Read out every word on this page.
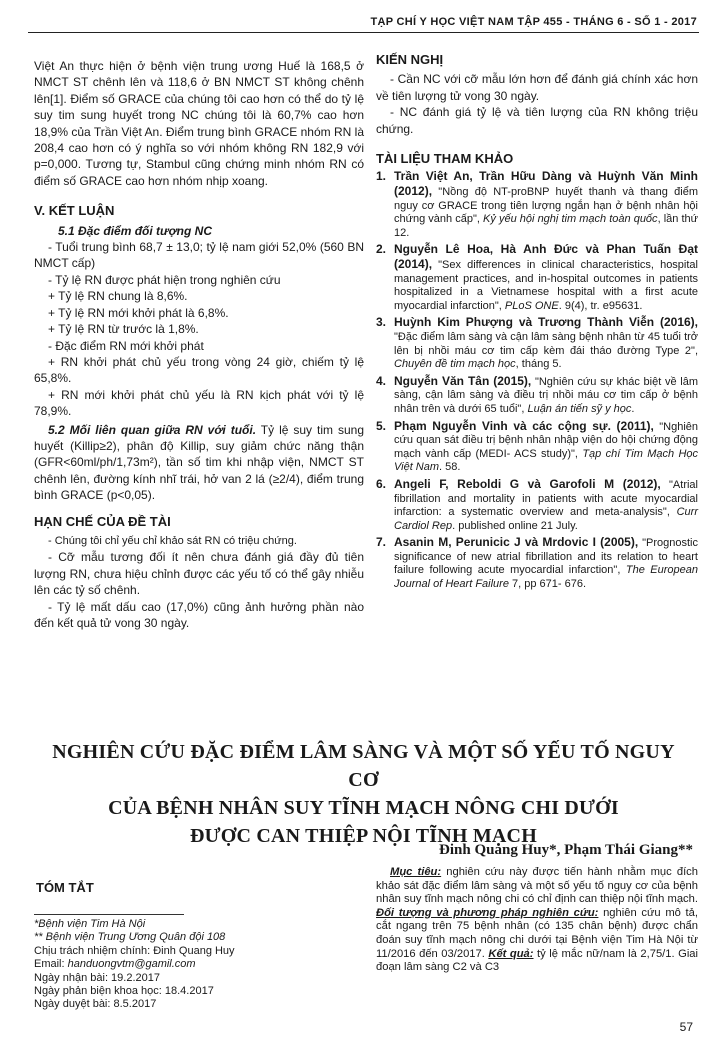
TẠP CHÍ Y HỌC VIỆT NAM TẬP 455 - THÁNG 6 - SỐ 1 - 2017

Việt An thực hiện ở bệnh viện trung ương Huế là 168,5 ở NMCT ST chênh lên và 118,6 ở BN NMCT ST không chênh lên[1]. Điểm số GRACE của chúng tôi cao hơn có thể do tỷ lệ suy tim sung huyết trong NC chúng tôi là 60,7% cao hơn 18,9% của Trần Việt An. Điểm trung bình GRACE nhóm RN là 208,4 cao hơn có ý nghĩa so với nhóm không RN 182,9 với p=0,000. Tương tự, Stambul cũng chứng minh nhóm RN có điểm số GRACE cao hơn nhóm nhịp xoang.

V. KẾT LUẬN
5.1 Đặc điểm đối tượng NC

- Tuổi trung bình 68,7 ± 13,0; tỷ lệ nam giới 52,0% (560 BN NMCT cấp)

- Tỷ lệ RN được phát hiện trong nghiên cứu

+ Tỷ lệ RN chung là 8,6%.

+ Tỷ lệ RN mới khởi phát là 6,8%.

+ Tỷ lệ RN từ trước là 1,8%.

- Đặc điểm RN mới khởi phát

+ RN khởi phát chủ yếu trong vòng 24 giờ, chiếm tỷ lệ 65,8%.

+ RN mới khởi phát chủ yếu là RN kịch phát với tỷ lệ 78,9%.

5.2 Mối liên quan giữa RN với tuổi. Tỷ lệ suy tim sung huyết (Killip≥2), phân độ Killip, suy giảm chức năng thận (GFR<60ml/ph/1,73m²), tần số tim khi nhập viện, NMCT ST chênh lên, đường kính nhĩ trái, hở van 2 lá (≥2/4), điểm trung bình GRACE (p<0,05).

HẠN CHẾ CỦA ĐỀ TÀI

- Chúng tôi chỉ yếu chỉ khảo sát RN có triệu chứng.

- Cỡ mẫu tương đối ít nên chưa đánh giá đầy đủ tiên lượng RN, chưa hiệu chỉnh được các yếu tố có thể gây nhiễu lên các tỷ số chênh.

- Tỷ lệ mất dấu cao (17,0%) cũng ảnh hưởng phần nào đến kết quả tử vong 30 ngày.

KIẾN NGHỊ

- Cần NC với cỡ mẫu lớn hơn để đánh giá chính xác hơn về tiên lượng tử vong 30 ngày.

- NC đánh giá tỷ lệ và tiên lượng của RN không triệu chứng.

TÀI LIỆU THAM KHẢO
1. Trần Việt An, Trần Hữu Dàng và Huỳnh Văn Minh (2012), "Nồng độ NT-proBNP huyết thanh và thang điểm nguy cơ GRACE trong tiên lượng ngắn hạn ở bệnh nhân hội chứng vành cấp", Kỷ yếu hội nghị tim mạch toàn quốc, lần thứ 12.
2. Nguyễn Lê Hoa, Hà Anh Đức và Phan Tuấn Đạt (2014), "Sex differences in clinical characteristics, hospital management practices, and in-hospital outcomes in patients hospitalized in a Vietnamese hospital with a first acute myocardial infarction", PLoS ONE. 9(4), tr. e95631.
3. Huỳnh Kim Phượng và Trương Thành Viễn (2016), "Đặc điểm lâm sàng và cận lâm sàng bệnh nhân từ 45 tuổi trở lên bị nhồi máu cơ tim cấp kèm đái tháo đường Type 2", Chuyên đề tim mạch học, tháng 5.
4. Nguyễn Văn Tân (2015), "Nghiên cứu sự khác biệt về lâm sàng, cận lâm sàng và điều trị nhồi máu cơ tim cấp ở bệnh nhân trên và dưới 65 tuổi", Luận án tiến sỹ y học.
5. Phạm Nguyễn Vinh và các cộng sự. (2011), "Nghiên cứu quan sát điều trị bệnh nhân nhập viện do hội chứng động mạch vành cấp (MEDI- ACS study)", Tạp chí Tim Mạch Học Việt Nam. 58.
6. Angeli F, Reboldi G và Garofoli M (2012), "Atrial fibrillation and mortality in patients with acute myocardial infarction: a systematic overview and meta-analysis", Curr Cardiol Rep. published online 21 July.
7. Asanin M, Perunicic J và Mrdovic I (2005), "Prognostic significance of new atrial fibrillation and its relation to heart failure following acute myocardial infarction", The European Journal of Heart Failure 7, pp 671- 676.
NGHIÊN CỨU ĐẶC ĐIỂM LÂM SÀNG VÀ MỘT SỐ YẾU TỐ NGUY CƠ
CỦA BỆNH NHÂN SUY TĨNH MẠCH NÔNG CHI DƯỚI
ĐƯỢC CAN THIỆP NỘI TĨNH MẠCH
Đinh Quang Huy*, Phạm Thái Giang**
TÓM TẮT
*Bệnh viện Tim Hà Nội
** Bệnh viện Trung Ương Quân đội 108
Chịu trách nhiệm chính: Đinh Quang Huy
Email: handuongvtm@gamil.com
Ngày nhận bài: 19.2.2017
Ngày phản biện khoa học: 18.4.2017
Ngày duyệt bài: 8.5.2017

Mục tiêu: nghiên cứu này được tiến hành nhằm mục đích khảo sát đặc điểm lâm sàng và một số yếu tố nguy cơ của bệnh nhân suy tĩnh mạch nông chi có chỉ định can thiệp nội tĩnh mạch. Đối tượng và phương pháp nghiên cứu: nghiên cứu mô tả, cắt ngang trên 75 bệnh nhân (có 135 chân bệnh) được chẩn đoán suy tĩnh mạch nông chi dưới tại Bệnh viện Tim Hà Nội từ 11/2016 đến 03/2017. Kết quả: tỷ lệ mắc nữ/nam là 2,75/1. Giai đoạn lâm sàng C2 và C3

57
